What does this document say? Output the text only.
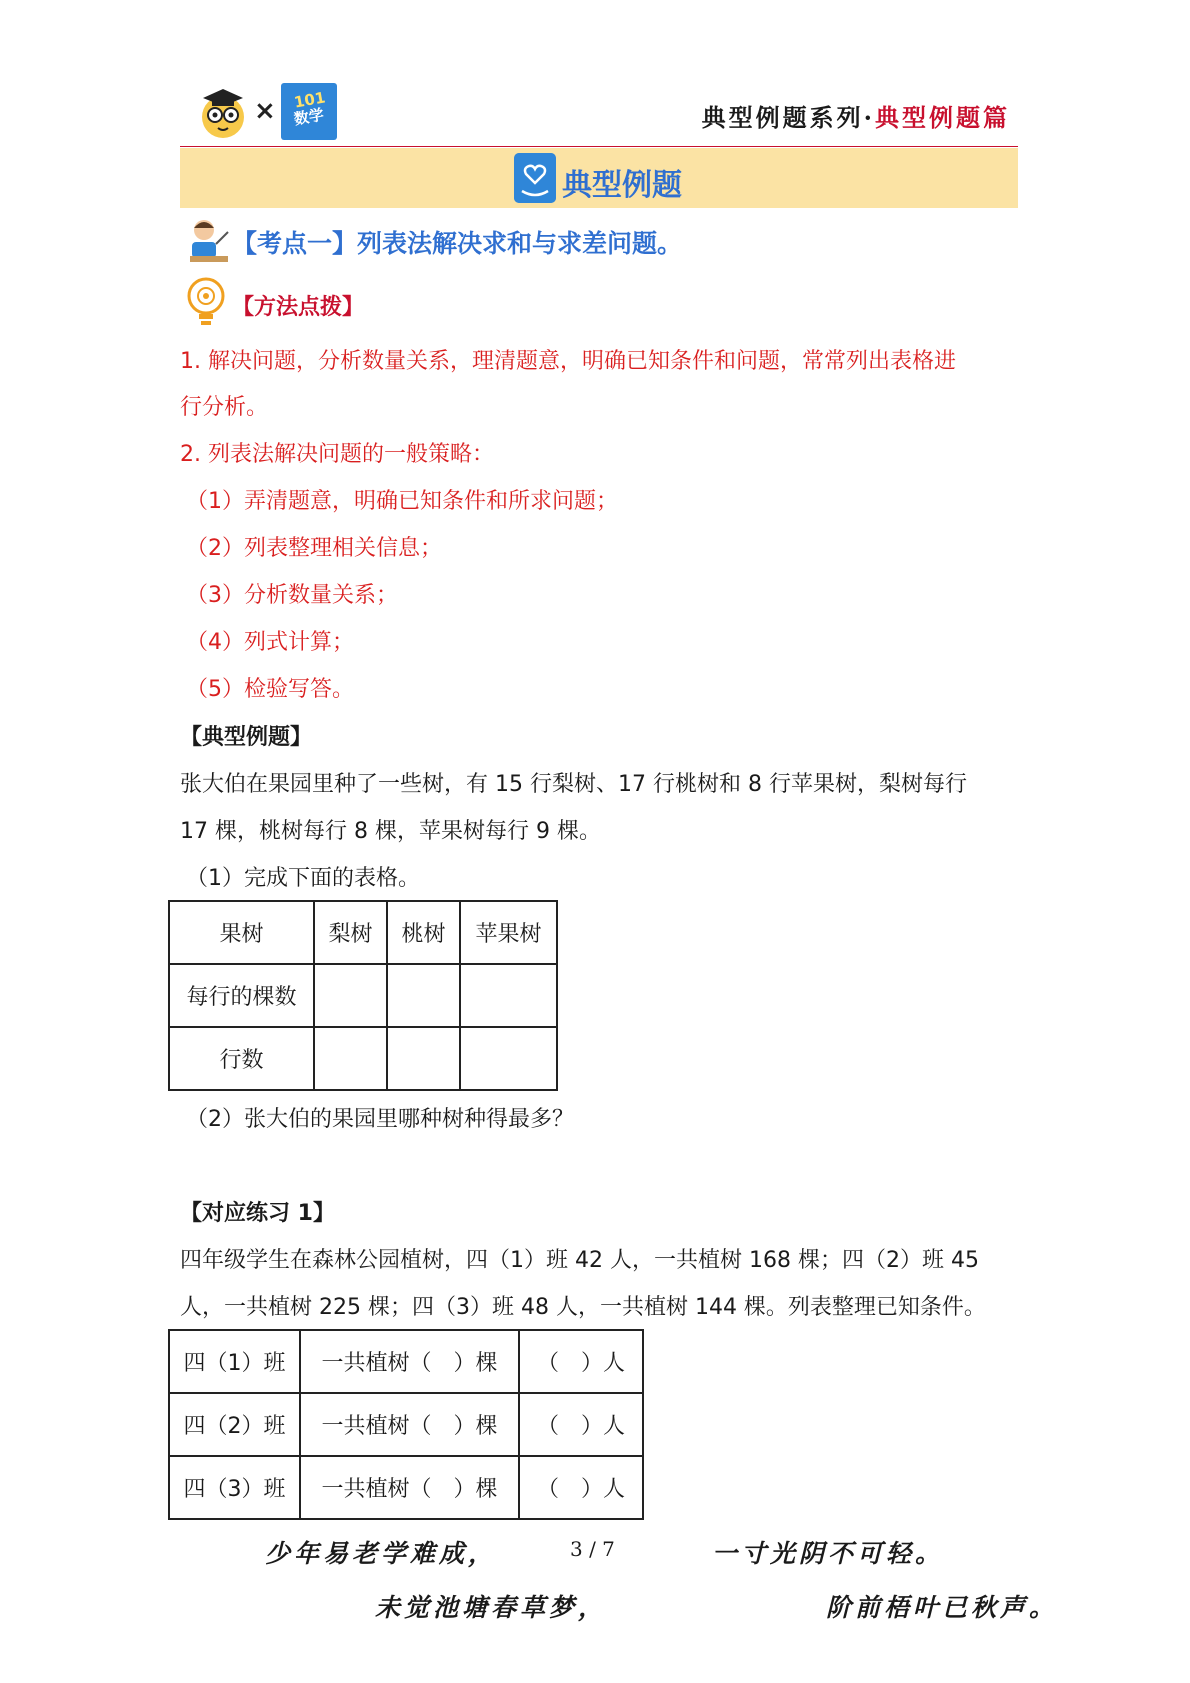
×	101
数学	典型例题系列·典型例题篇
典型例题
【考点一】列表法解决求和与求差问题。
【方法点拨】
1. 解决问题，分析数量关系，理清题意，明确已知条件和问题，常常列出表格进
行分析。
2. 列表法解决问题的一般策略：
（1）弄清题意，明确已知条件和所求问题；
（2）列表整理相关信息；
（3）分析数量关系；
（4）列式计算；
（5）检验写答。
【典型例题】
张大伯在果园里种了一些树，有 15 行梨树、17 行桃树和 8 行苹果树，梨树每行
17 棵，桃树每行 8 棵，苹果树每行 9 棵。
（1）完成下面的表格。
果树	梨树	桃树	苹果树
每行的棵数			
行数			
（2）张大伯的果园里哪种树种得最多？
【对应练习 1】
四年级学生在森林公园植树，四（1）班 42 人，一共植树 168 棵；四（2）班 45
人，一共植树 225 棵；四（3）班 48 人，一共植树 144 棵。列表整理已知条件。
四（1）班	一共植树（　）棵	（　）人
四（2）班	一共植树（　）棵	（　）人
四（3）班	一共植树（　）棵	（　）人
少年易老学难成，	3 / 7	一寸光阴不可轻。
未觉池塘春草梦，	阶前梧叶已秋声。
